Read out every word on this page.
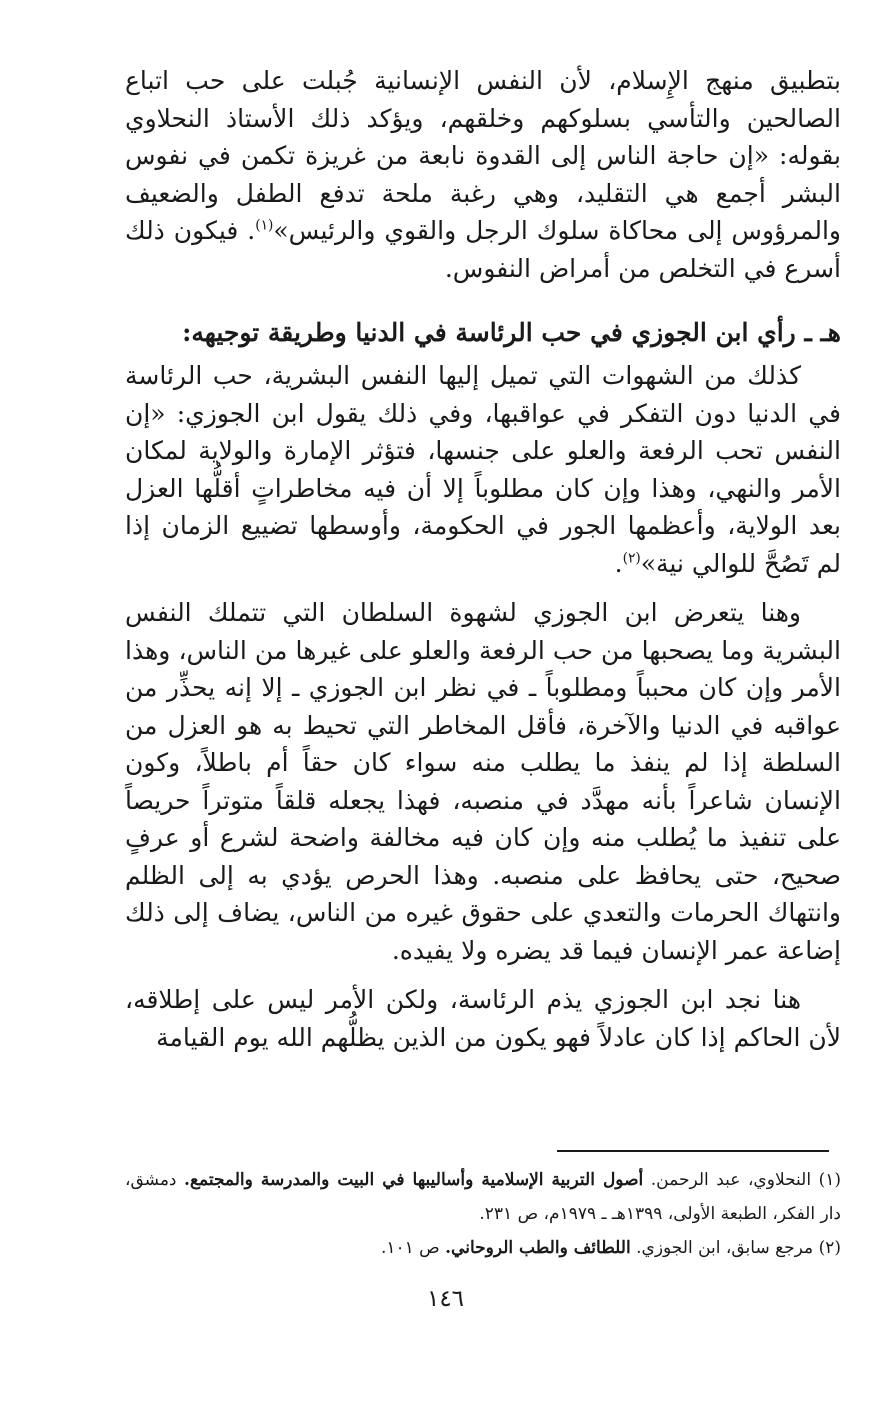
بتطبيق منهج الإِسلام، لأن النفس الإنسانية جُبلت على حب اتباع الصالحين والتأسي بسلوكهم وخلقهم، ويؤكد ذلك الأستاذ النحلاوي بقوله: «إن حاجة الناس إلى القدوة نابعة من غريزة تكمن في نفوس البشر أجمع هي التقليد، وهي رغبة ملحة تدفع الطفل والضعيف والمرؤوس إلى محاكاة سلوك الرجل والقوي والرئيس»$^{(١)}$. فيكون ذلك أسرع في التخلص من أمراض النفوس.

هـ ـ رأي ابن الجوزي في حب الرئاسة في الدنيا وطريقة توجيهه:

كذلك من الشهوات التي تميل إليها النفس البشرية، حب الرئاسة في الدنيا دون التفكر في عواقبها، وفي ذلك يقول ابن الجوزي: «إن النفس تحب الرفعة والعلو على جنسها، فتؤثر الإمارة والولاية لمكان الأمر والنهي، وهذا وإن كان مطلوباً إلا أن فيه مخاطراتٍ أقلُّها العزل بعد الولاية، وأعظمها الجور في الحكومة، وأوسطها تضييع الزمان إذا لم تَصُحَّ للوالي نية»$^{(٢)}$.

وهنا يتعرض ابن الجوزي لشهوة السلطان التي تتملك النفس البشرية وما يصحبها من حب الرفعة والعلو على غيرها من الناس، وهذا الأمر وإن كان محبباً ومطلوباً ـ في نظر ابن الجوزي ـ إلا إنه يحذِّر من عواقبه في الدنيا والآخرة، فأقل المخاطر التي تحيط به هو العزل من السلطة إذا لم ينفذ ما يطلب منه سواء كان حقاً أم باطلاً، وكون الإنسان شاعراً بأنه مهدَّد في منصبه، فهذا يجعله قلقاً متوتراً حريصاً على تنفيذ ما يُطلب منه وإن كان فيه مخالفة واضحة لشرع أو عرفٍ صحيح، حتى يحافظ على منصبه. وهذا الحرص يؤدي به إلى الظلم وانتهاك الحرمات والتعدي على حقوق غيره من الناس، يضاف إلى ذلك إضاعة عمر الإنسان فيما قد يضره ولا يفيده.

هنا نجد ابن الجوزي يذم الرئاسة، ولكن الأمر ليس على إطلاقه، لأن الحاكم إذا كان عادلاً فهو يكون من الذين يظلُّهم الله يوم القيامة

(١) النحلاوي، عبد الرحمن. أصول التربية الإسلامية وأساليبها في البيت والمدرسة والمجتمع. دمشق، دار الفكر، الطبعة الأولى، ١٣٩٩هـ ـ ١٩٧٩م، ص ٢٣١.

(٢) مرجع سابق، ابن الجوزي. اللطائف والطب الروحاني. ص ١٠١.

١٤٦
